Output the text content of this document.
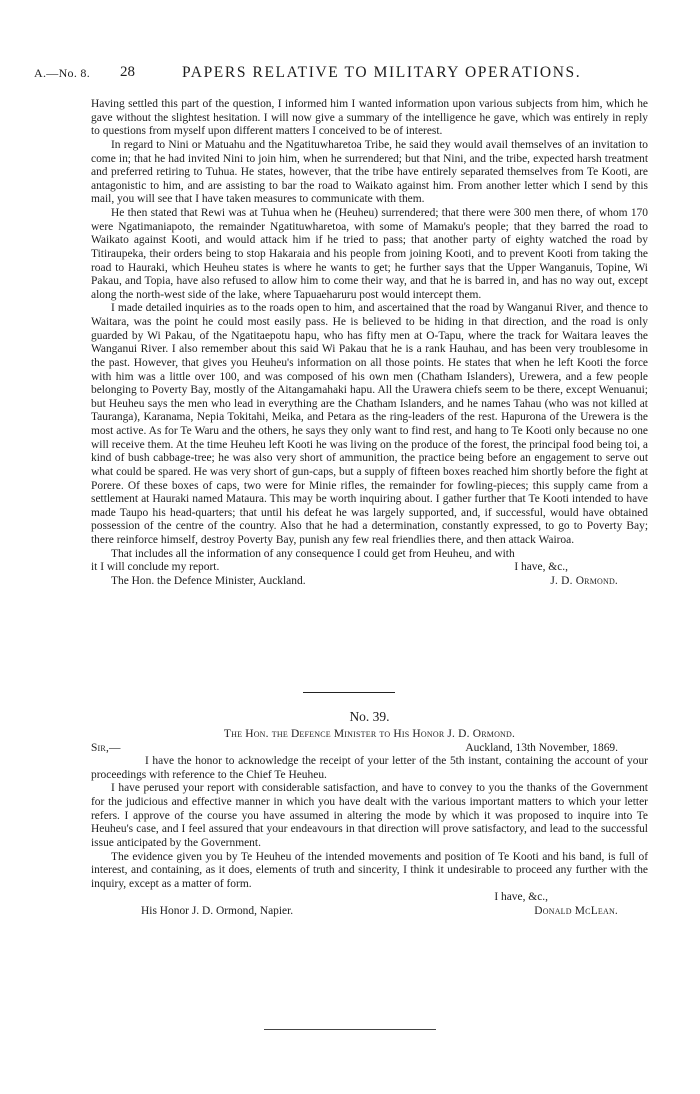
A.—No. 8. 28	PAPERS RELATIVE TO MILITARY OPERATIONS.

Having settled this part of the question, I informed him I wanted information upon various subjects from him, which he gave without the slightest hesitation. I will now give a summary of the intelligence he gave, which was entirely in reply to questions from myself upon different matters I conceived to be of interest.

In regard to Nini or Matuahu and the Ngatituwharetoa Tribe, he said they would avail themselves of an invitation to come in; that he had invited Nini to join him, when he surrendered; but that Nini, and the tribe, expected harsh treatment and preferred retiring to Tuhua. He states, however, that the tribe have entirely separated themselves from Te Kooti, are antagonistic to him, and are assisting to bar the road to Waikato against him. From another letter which I send by this mail, you will see that I have taken measures to communicate with them.

He then stated that Rewi was at Tuhua when he (Heuheu) surrendered; that there were 300 men there, of whom 170 were Ngatimaniapoto, the remainder Ngatituwharetoa, with some of Mamaku's people; that they barred the road to Waikato against Kooti, and would attack him if he tried to pass; that another party of eighty watched the road by Titiraupeka, their orders being to stop Hakaraia and his people from joining Kooti, and to prevent Kooti from taking the road to Hauraki, which Heuheu states is where he wants to get; he further says that the Upper Wanganuis, Topine, Wi Pakau, and Topia, have also refused to allow him to come their way, and that he is barred in, and has no way out, except along the north-west side of the lake, where Tapuaeharuru post would intercept them.

I made detailed inquiries as to the roads open to him, and ascertained that the road by Wanganui River, and thence to Waitara, was the point he could most easily pass. He is believed to be hiding in that direction, and the road is only guarded by Wi Pakau, of the Ngatitaepotu hapu, who has fifty men at O-Tapu, where the track for Waitara leaves the Wanganui River. I also remember about this said Wi Pakau that he is a rank Hauhau, and has been very troublesome in the past. However, that gives you Heuheu's information on all those points. He states that when he left Kooti the force with him was a little over 100, and was composed of his own men (Chatham Islanders), Urewera, and a few people belonging to Poverty Bay, mostly of the Aitangamahaki hapu. All the Urawera chiefs seem to be there, except Wenuanui; but Heuheu says the men who lead in everything are the Chatham Islanders, and he names Tahau (who was not killed at Tauranga), Karanama, Nepia Tokitahi, Meika, and Petara as the ring-leaders of the rest. Hapurona of the Urewera is the most active. As for Te Waru and the others, he says they only want to find rest, and hang to Te Kooti only because no one will receive them. At the time Heuheu left Kooti he was living on the produce of the forest, the principal food being toi, a kind of bush cabbage-tree; he was also very short of ammunition, the practice being before an engagement to serve out what could be spared. He was very short of gun-caps, but a supply of fifteen boxes reached him shortly before the fight at Porere. Of these boxes of caps, two were for Minie rifles, the remainder for fowling-pieces; this supply came from a settlement at Hauraki named Mataura. This may be worth inquiring about. I gather further that Te Kooti intended to have made Taupo his head-quarters; that until his defeat he was largely supported, and, if successful, would have obtained possession of the centre of the country. Also that he had a determination, constantly expressed, to go to Poverty Bay; there reinforce himself, destroy Poverty Bay, punish any few real friendlies there, and then attack Wairoa.

That includes all the information of any consequence I could get from Heuheu, and with

it I will conclude my report.	I have, &c.,
The Hon. the Defence Minister, Auckland.	J. D. Ormond.
No. 39.
The Hon. the Defence Minister to His Honor J. D. Ormond.
Sir,—	Auckland, 13th November, 1869.

I have the honor to acknowledge the receipt of your letter of the 5th instant, containing the account of your proceedings with reference to the Chief Te Heuheu.

I have perused your report with considerable satisfaction, and have to convey to you the thanks of the Government for the judicious and effective manner in which you have dealt with the various important matters to which your letter refers. I approve of the course you have assumed in altering the mode by which it was proposed to inquire into Te Heuheu's case, and I feel assured that your endeavours in that direction will prove satisfactory, and lead to the successful issue anticipated by the Government.

The evidence given you by Te Heuheu of the intended movements and position of Te Kooti and his band, is full of interest, and containing, as it does, elements of truth and sincerity, I think it undesirable to proceed any further with the inquiry, except as a matter of form.

I have, &c.,
His Honor J. D. Ormond, Napier.	Donald McLean.
